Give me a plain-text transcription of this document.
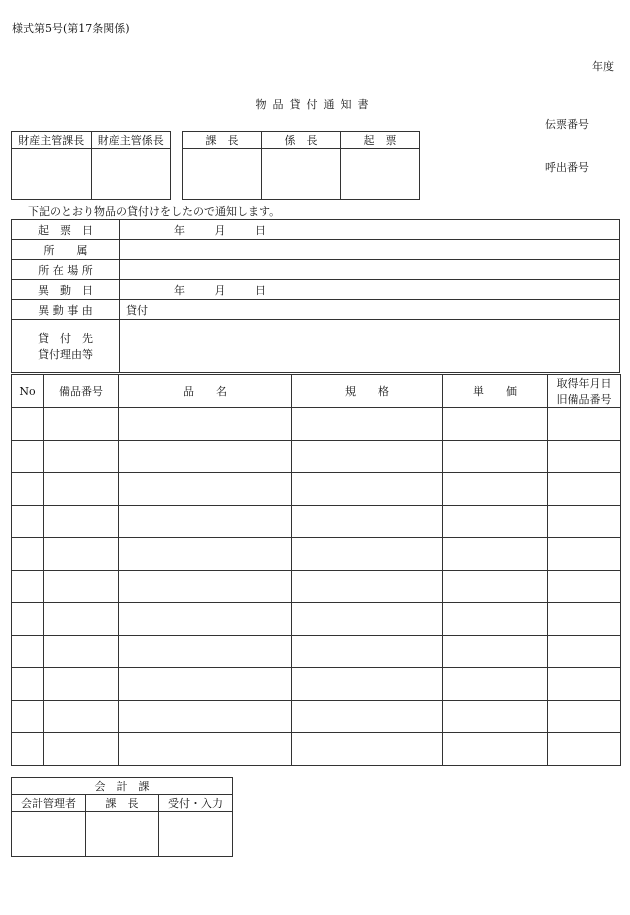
様式第5号(第17条関係)
年度
物品貸付通知書
伝票番号
呼出番号
財産主管課長	財産主管係長
		課　長	係　長	起　票

下記のとおり物品の貸付けをしたので通知します。
起　票　日	年 月 日
所　　属	
所 在 場 所	
異　動　日	年 月 日
異 動 事 由	貸付

貸　付　先
貸付理由等	

No	備品番号	品　　名	規　　格	単　　価	取得年月日
旧備品番号

会　計　課		
会計管理者	課　長	受付・入力
